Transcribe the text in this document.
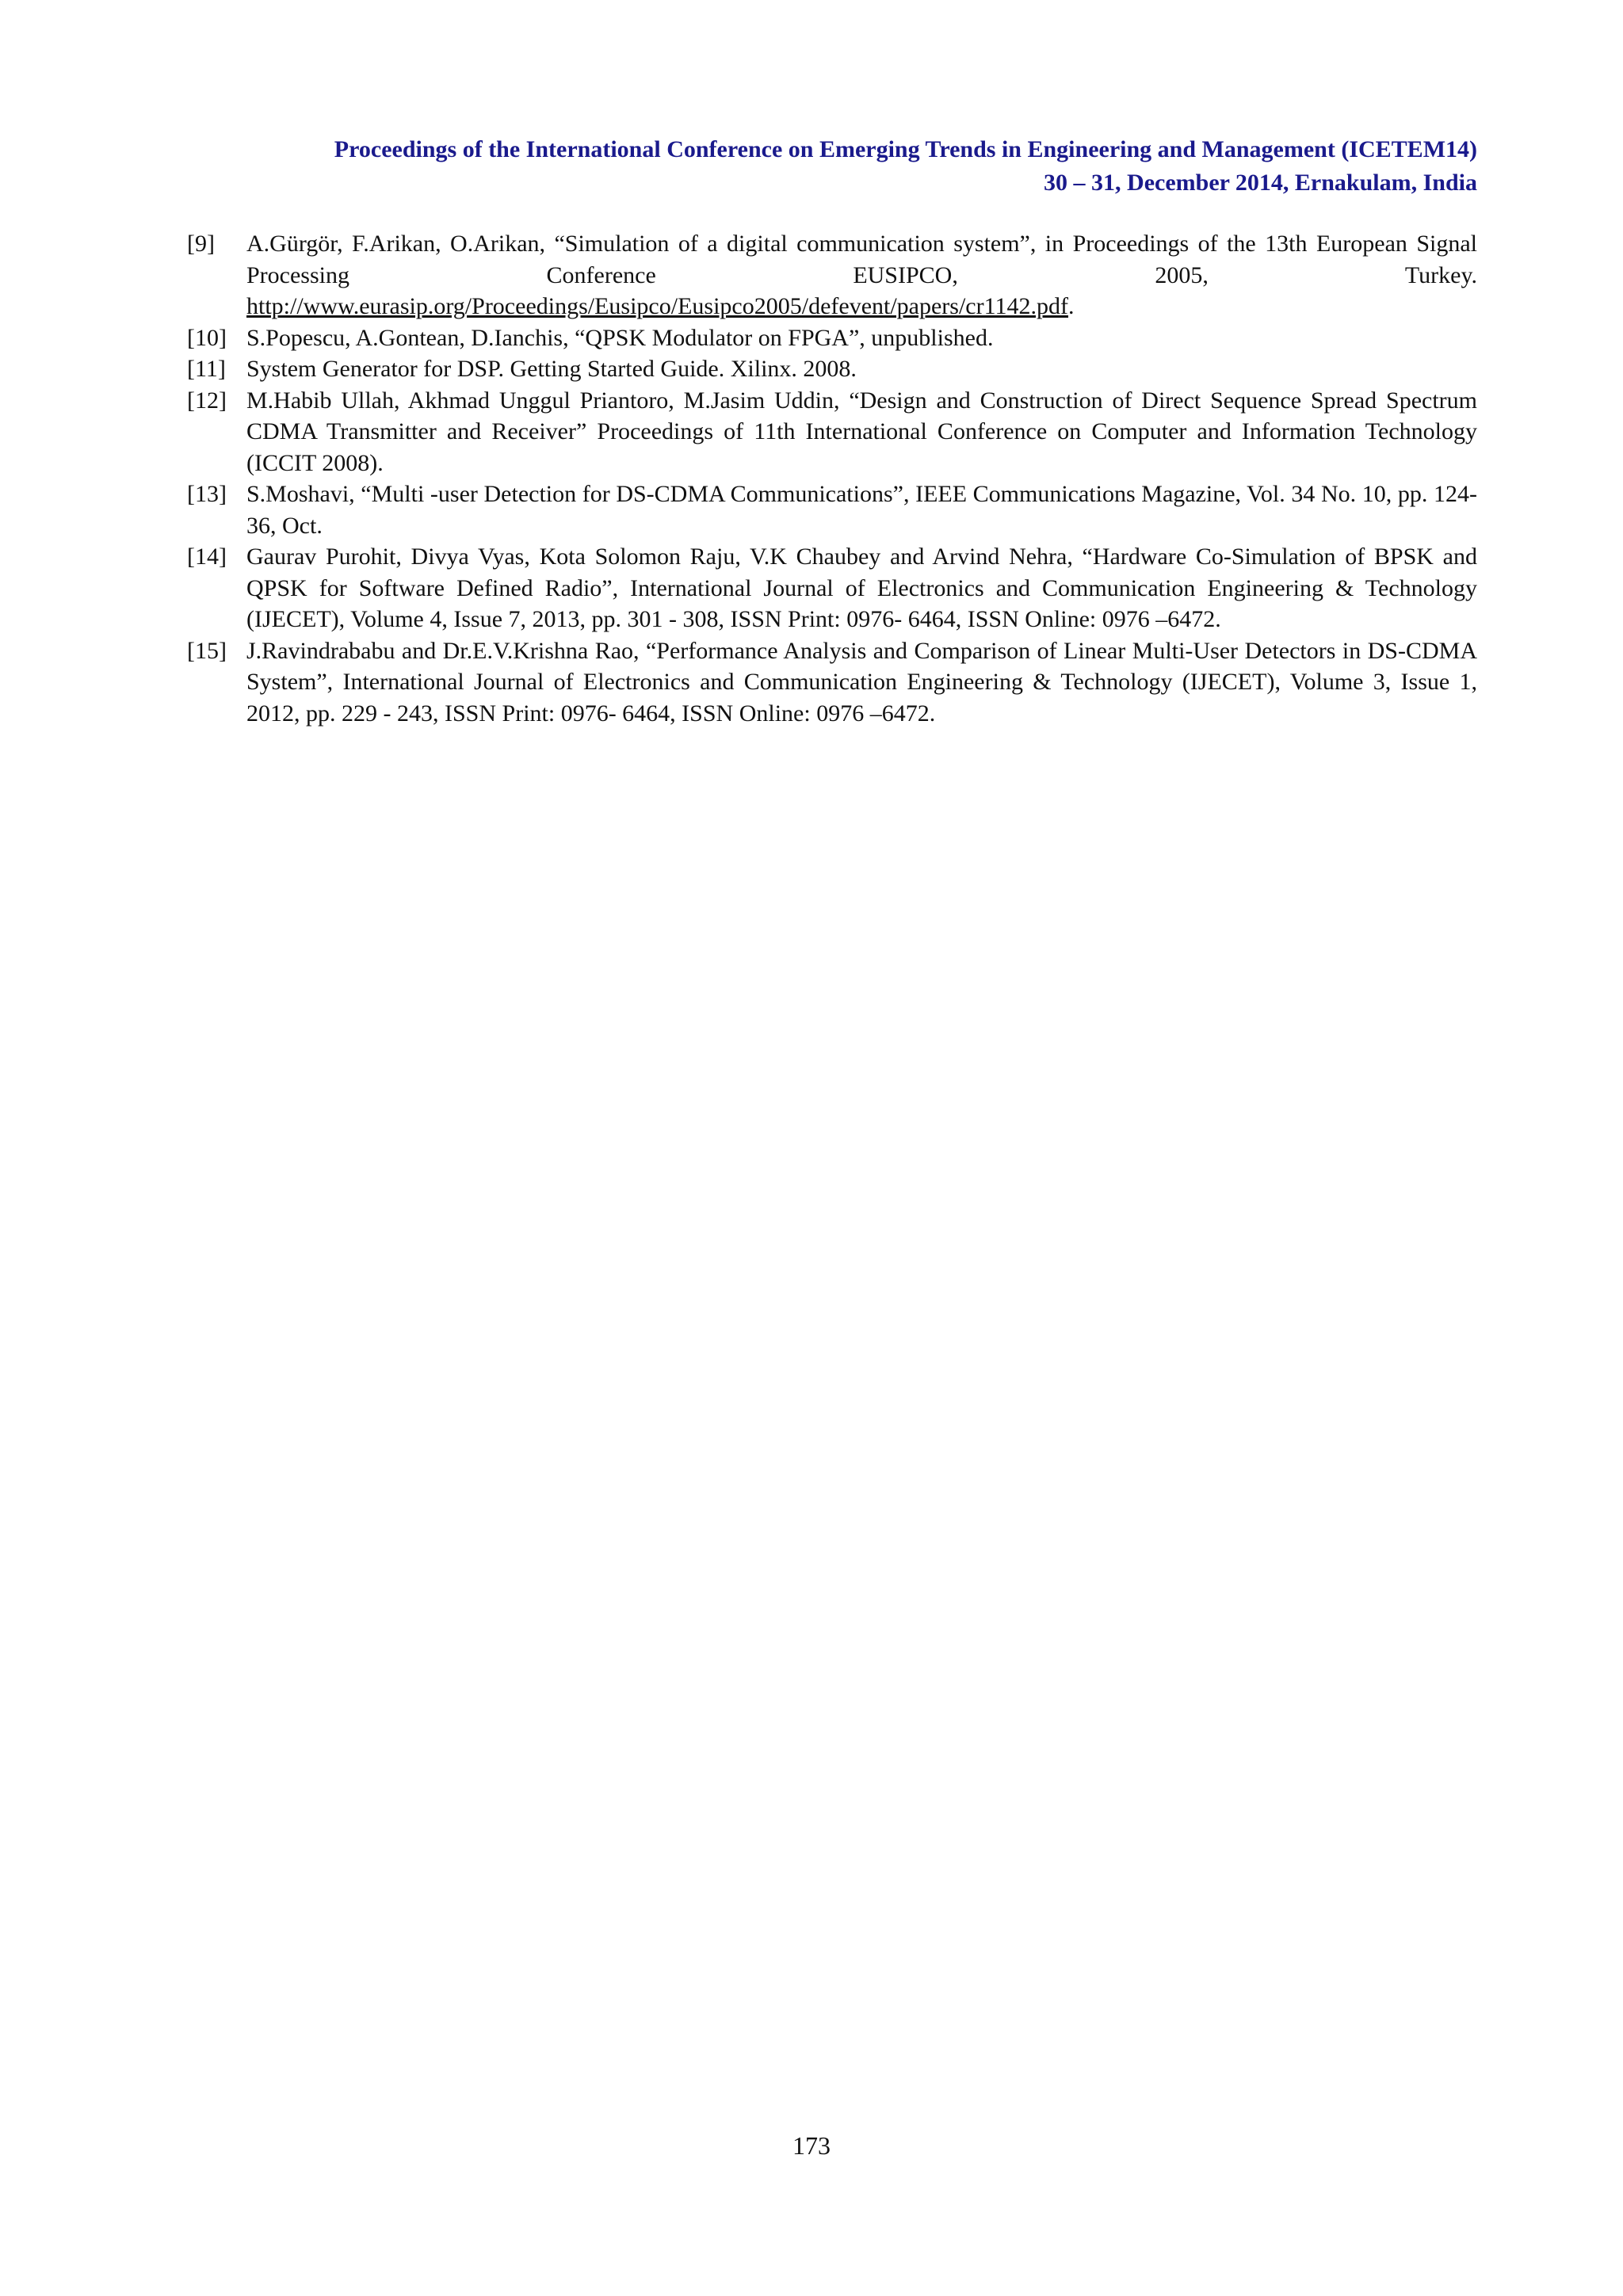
Proceedings of the International Conference on Emerging Trends in Engineering and Management (ICETEM14)
30 – 31, December 2014, Ernakulam, India
[9]	A.Gürgör, F.Arikan, O.Arikan, “Simulation of a digital communication system”, in Proceedings of the 13th European Signal Processing Conference EUSIPCO, 2005, Turkey. http://www.eurasip.org/Proceedings/Eusipco/Eusipco2005/defevent/papers/cr1142.pdf.
[10] S.Popescu, A.Gontean, D.Ianchis, “QPSK Modulator on FPGA”, unpublished.
[11] System Generator for DSP. Getting Started Guide. Xilinx. 2008.
[12] M.Habib Ullah, Akhmad Unggul Priantoro, M.Jasim Uddin, “Design and Construction of Direct Sequence Spread Spectrum CDMA Transmitter and Receiver” Proceedings of 11th International Conference on Computer and Information Technology (ICCIT 2008).
[13] S.Moshavi, “Multi -user Detection for DS-CDMA Communications”, IEEE Communications Magazine, Vol. 34 No. 10, pp. 124-36, Oct.
[14] Gaurav Purohit, Divya Vyas, Kota Solomon Raju, V.K Chaubey and Arvind Nehra, “Hardware Co-Simulation of BPSK and QPSK for Software Defined Radio”, International Journal of Electronics and Communication Engineering & Technology (IJECET), Volume 4, Issue 7, 2013, pp. 301 - 308, ISSN Print: 0976- 6464, ISSN Online: 0976 –6472.
[15] J.Ravindrababu and Dr.E.V.Krishna Rao, “Performance Analysis and Comparison of Linear Multi-User Detectors in DS-CDMA System”, International Journal of Electronics and Communication Engineering & Technology (IJECET), Volume 3, Issue 1, 2012, pp. 229 - 243, ISSN Print: 0976- 6464, ISSN Online: 0976 –6472.
173
